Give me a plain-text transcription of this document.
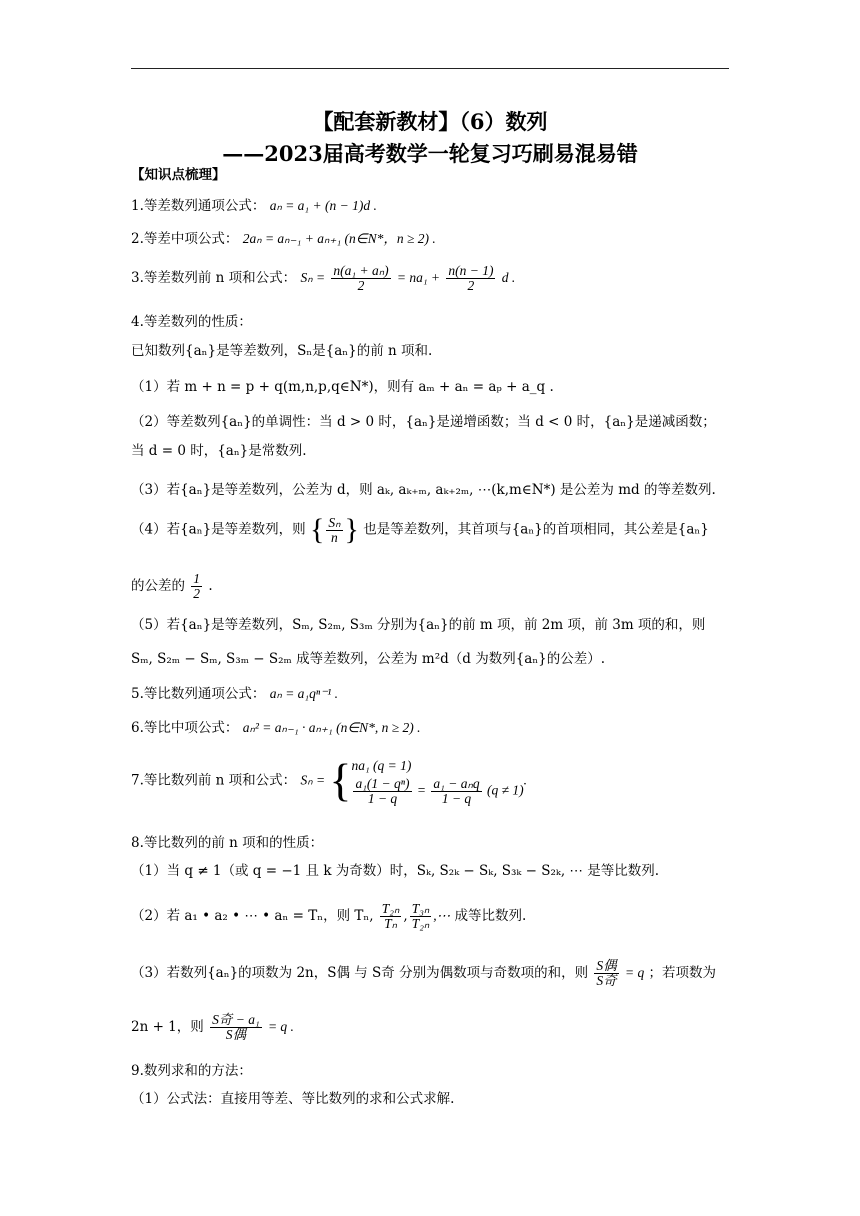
【配套新教材】（6）数列
——2023届高考数学一轮复习巧刷易混易错
【知识点梳理】
1.等差数列通项公式： aₙ = a₁ + (n − 1)d .
2.等差中项公式： 2aₙ = aₙ₋₁ + aₙ₊₁ (n∈N*，n ≥ 2) .
3.等差数列前 n 项和公式： $S_n = \frac{\text{n(a₁ + aₙ)}}{2} = na_1 + \frac{n(n - 1)}{2}$ d .
4.等差数列的性质：
已知数列{aₙ}是等差数列，Sₙ是{aₙ}的前 n 项和.
（1）若 m + n = p + q(m,n,p,q∈N*)，则有 aₘ + aₙ = aₚ + a_q .
（2）等差数列{aₙ}的单调性：当 d > 0 时，{aₙ}是递增函数；当 d < 0 时，{aₙ}是递减函数；
当 d = 0 时，{aₙ}是常数列.
（3）若{aₙ}是等差数列，公差为 d，则 aₖ, aₖ₊ₘ, aₖ₊₂ₘ, ⋯(k,m∈N*) 是公差为 md 的等差数列.
（4）若{aₙ}是等差数列，则 { $\frac{\text{Sₙ}}{n}$ } 也是等差数列，其首项与{aₙ}的首项相同，其公差是{aₙ}
的公差的 $\frac{1}{2}$ .
（5）若{aₙ}是等差数列，Sₘ, S₂ₘ, S₃ₘ 分别为{aₙ}的前 m 项，前 2m 项，前 3m 项的和，则
Sₘ, S₂ₘ − Sₘ, S₃ₘ − S₂ₘ 成等差数列，公差为 m²d（d 为数列{aₙ}的公差）.
5.等比数列通项公式： aₙ = a₁qⁿ⁻¹ .
6.等比中项公式： aₙ² = aₙ₋₁ · aₙ₊₁ (n∈N*, n ≥ 2) .
7.等比数列前 n 项和公式： Sₙ = { na₁ (q = 1)
$\frac{\text{a₁(1 − qⁿ)}}{1 - q} = \frac{\text{a₁ − aₙq}}{1 - q} (q \ne 1)$
.
8.等比数列的前 n 项和的性质：
（1）当 q ≠ 1（或 q = −1 且 k 为奇数）时，Sₖ, S₂ₖ − Sₖ, S₃ₖ − S₂ₖ, ⋯ 是等比数列.
（2）若 a₁ • a₂ • ⋯ • aₙ = Tₙ，则 Tₙ, $\frac{\text{T₂ₙ}}{\text{Tₙ}}$ , $\frac{\text{T₃ₙ}}{\text{T₂ₙ}}$ ,⋯ 成等比数列.
（3）若数列{aₙ}的项数为 2n，S偶 与 S奇 分别为偶数项与奇数项的和，则 $\frac{\text{S偶}}{\text{S奇}} = q$ ；若项数为
2n + 1，则 $\frac{\text{S奇 − a₁}}{\text{S偶}} = q$ .
9.数列求和的方法：
（1）公式法：直接用等差、等比数列的求和公式求解.
